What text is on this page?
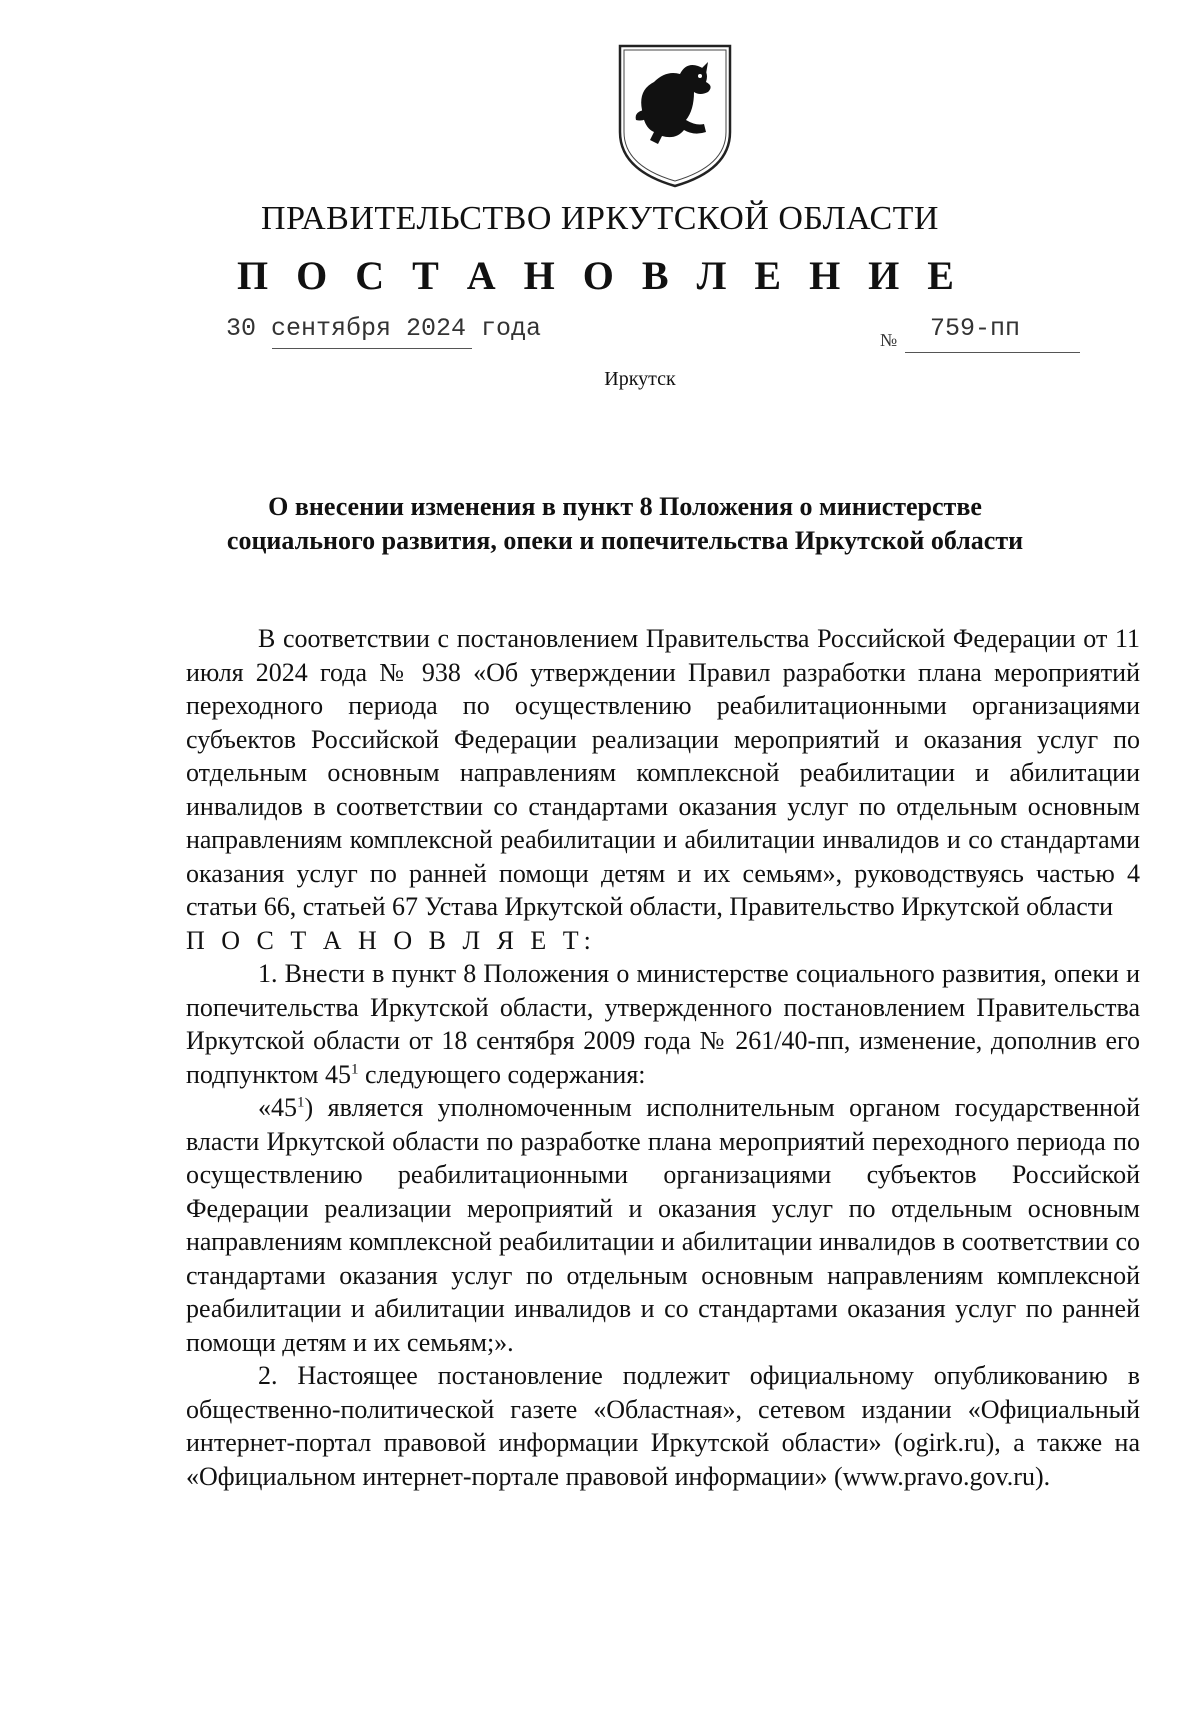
ПРАВИТЕЛЬСТВО ИРКУТСКОЙ ОБЛАСТИ
П О С Т А Н О В Л Е Н И Е
30 сентября 2024 года	№ 759-пп
Иркутск
О внесении изменения в пункт 8 Положения о министерстве
социального развития, опеки и попечительства Иркутской области

В соответствии с постановлением Правительства Российской Федерации от 11 июля 2024 года № 938 «Об утверждении Правил разработки плана мероприятий переходного периода по осуществлению реабилитационными организациями субъектов Российской Федерации реализации мероприятий и оказания услуг по отдельным основным направлениям комплексной реабилитации и абилитации инвалидов в соответствии со стандартами оказания услуг по отдельным основным направлениям комплексной реабилитации и абилитации инвалидов и со стандартами оказания услуг по ранней помощи детям и их семьям», руководствуясь частью 4 статьи 66, статьей 67 Устава Иркутской области, Правительство Иркутской области

П О С Т А Н О В Л Я Е Т:

1. Внести в пункт 8 Положения о министерстве социального развития, опеки и попечительства Иркутской области, утвержденного постановлением Правительства Иркутской области от 18 сентября 2009 года № 261/40-пп, изменение, дополнив его подпунктом $45^1$ следующего содержания:

«$45^1$) является уполномоченным исполнительным органом государственной власти Иркутской области по разработке плана мероприятий переходного периода по осуществлению реабилитационными организациями субъектов Российской Федерации реализации мероприятий и оказания услуг по отдельным основным направлениям комплексной реабилитации и абилитации инвалидов в соответствии со стандартами оказания услуг по отдельным основным направлениям комплексной реабилитации и абилитации инвалидов и со стандартами оказания услуг по ранней помощи детям и их семьям;».

2. Настоящее постановление подлежит официальному опубликованию в общественно-политической газете «Областная», сетевом издании «Официальный интернет-портал правовой информации Иркутской области» (ogirk.ru), а также на «Официальном интернет-портале правовой информации» (www.pravo.gov.ru).
